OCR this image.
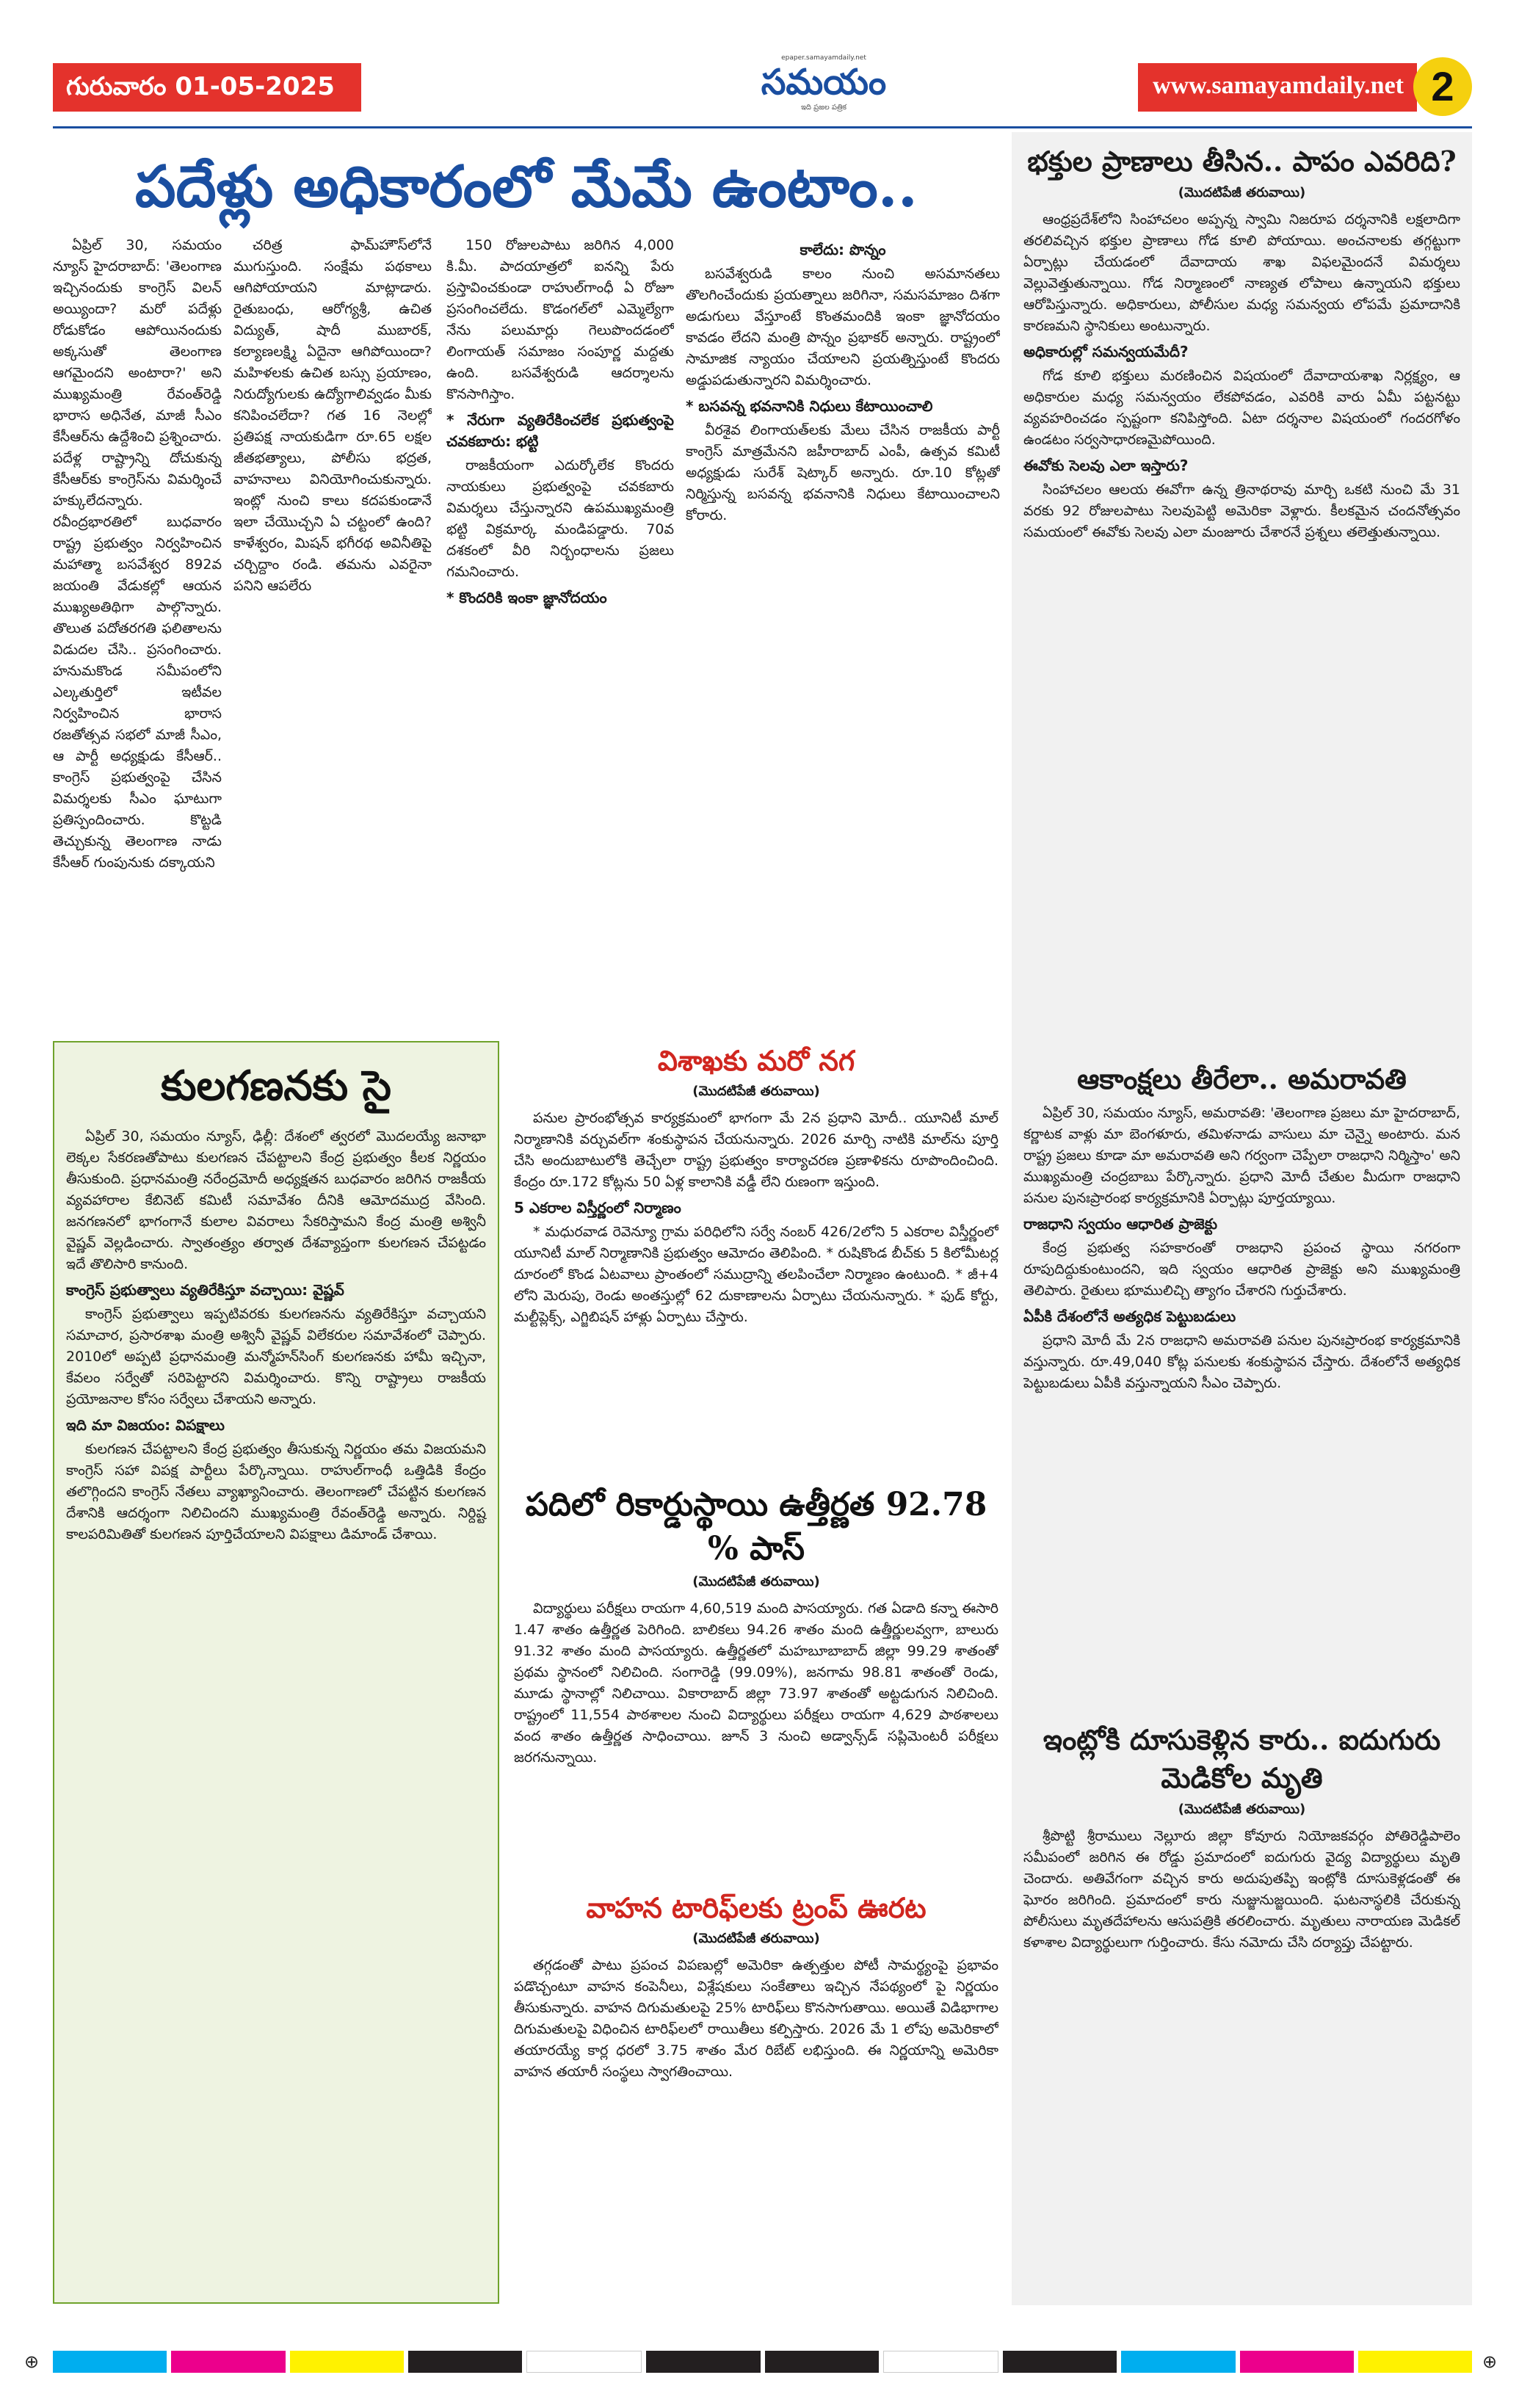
గురువారం 01-05-2025
epaper.samayamdaily.net
సమయం
ఇది ప్రజల పత్రిక
www.samayamdaily.net 2
పదేళ్లు అధికారంలో మేమే ఉంటాం..

ఏప్రిల్ 30, సమయం న్యూస్ హైదరాబాద్: 'తెలంగాణ ఇచ్చినందుకు కాంగ్రెస్ విలన్ అయ్యిందా? మరో పదేళ్లు రోడుకోడం ఆపోయినందుకు అక్కసుతో తెలంగాణ ఆగమైందని అంటారా?' అని ముఖ్యమంత్రి రేవంత్‌రెడ్డి భారాస అధినేత, మాజీ సీఎం కేసీఆర్‌ను ఉద్దేశించి ప్రశ్నించారు. పదేళ్ల రాష్ట్రాన్ని దోచుకున్న కేసీఆర్‌కు కాంగ్రెస్‌ను విమర్శించే హక్కులేదన్నారు. రవీంద్రభారతిలో బుధవారం రాష్ట్ర ప్రభుత్వం నిర్వహించిన మహాత్మా బసవేశ్వర 892వ జయంతి వేడుకల్లో ఆయన ముఖ్యఅతిథిగా పాల్గొన్నారు. తొలుత పదోతరగతి ఫలితాలను విడుదల చేసి.. ప్రసంగించారు. హనుమకొండ సమీపంలోని ఎల్కతుర్తిలో ఇటీవల నిర్వహించిన భారాస రజతోత్సవ సభలో మాజీ సీఎం, ఆ పార్టీ అధ్యక్షుడు కేసీఆర్.. కాంగ్రెస్ ప్రభుత్వంపై చేసిన విమర్శలకు సీఎం ఘాటుగా ప్రతిస్పందించారు. కొట్టడి తెచ్చుకున్న తెలంగాణ నాడు కేసీఆర్ గుంపునుకు దక్కాయని

చరిత్ర ఫామ్‌హౌస్‌లోనే ముగుస్తుంది. సంక్షేమ పథకాలు ఆగిపోయాయని మాట్లాడారు. రైతుబంధు, ఆరోగ్యశ్రీ, ఉచిత విద్యుత్, షాదీ ముబారక్, కల్యాణలక్ష్మి ఏదైనా ఆగిపోయిందా? మహిళలకు ఉచిత బస్సు ప్రయాణం, నిరుద్యోగులకు ఉద్యోగాలివ్వడం మీకు కనిపించలేదా? గత 16 నెలల్లో ప్రతిపక్ష నాయకుడిగా రూ.65 లక్షల జీతభత్యాలు, పోలీసు భద్రత, వాహనాలు వినియోగించుకున్నారు. ఇంట్లో నుంచి కాలు కదపకుండానే ఇలా చేయొచ్చని ఏ చట్టంలో ఉంది? కాళేశ్వరం, మిషన్ భగీరథ అవినీతిపై చర్చిద్దాం రండి. తమను ఎవరైనా పనిని ఆపలేరు

150 రోజులపాటు జరిగిన 4,000 కి.మీ. పాదయాత్రలో ఐనన్ని పేరు ప్రస్తావించకుండా రాహుల్‌గాంధీ ఏ రోజూ ప్రసంగించలేదు. కొడంగల్‌లో ఎమ్మెల్యేగా నేను పలుమార్లు గెలుపొందడంలో లింగాయత్ సమాజం సంపూర్ణ మద్దతు ఉంది. బసవేశ్వరుడి ఆదర్శాలను కొనసాగిస్తాం.

* నేరుగా వ్యతిరేకించలేక ప్రభుత్వంపై చవకబారు: భట్టి

రాజకీయంగా ఎదుర్కోలేక కొందరు నాయకులు ప్రభుత్వంపై చవకబారు విమర్శలు చేస్తున్నారని ఉపముఖ్యమంత్రి భట్టి విక్రమార్క మండిపడ్డారు. 70వ దశకంలో వీరి నిర్బంధాలను ప్రజలు గమనించారు.

* కొందరికి ఇంకా జ్ఞానోదయం
కాలేదు: పొన్నం

బసవేశ్వరుడి కాలం నుంచి అసమానతలు తొలగించేందుకు ప్రయత్నాలు జరిగినా, సమసమాజం దిశగా అడుగులు వేస్తూంటే కొంతమందికి ఇంకా జ్ఞానోదయం కావడం లేదని మంత్రి పొన్నం ప్రభాకర్ అన్నారు. రాష్ట్రంలో సామాజిక న్యాయం చేయాలని ప్రయత్నిస్తుంటే కొందరు అడ్డుపడుతున్నారని విమర్శించారు.

* బసవన్న భవనానికి నిధులు కేటాయించాలి

వీరశైవ లింగాయత్‌లకు మేలు చేసిన రాజకీయ పార్టీ కాంగ్రెస్ మాత్రమేనని జహీరాబాద్ ఎంపీ, ఉత్సవ కమిటీ అధ్యక్షుడు సురేశ్ షెట్కార్ అన్నారు. రూ.10 కోట్లతో నిర్మిస్తున్న బసవన్న భవనానికి నిధులు కేటాయించాలని కోరారు.

భక్తుల ప్రాణాలు తీసిన.. పాపం ఎవరిది?
(మొదటిపేజీ తరువాయి)

ఆంధ్రప్రదేశ్‌లోని సింహాచలం అప్పన్న స్వామి నిజరూప దర్శనానికి లక్షలాదిగా తరలివచ్చిన భక్తుల ప్రాణాలు గోడ కూలి పోయాయి. అంచనాలకు తగ్గట్టుగా ఏర్పాట్లు చేయడంలో దేవాదాయ శాఖ విఫలమైందనే విమర్శలు వెల్లువెత్తుతున్నాయి. గోడ నిర్మాణంలో నాణ్యత లోపాలు ఉన్నాయని భక్తులు ఆరోపిస్తున్నారు. అధికారులు, పోలీసుల మధ్య సమన్వయ లోపమే ప్రమాదానికి కారణమని స్థానికులు అంటున్నారు.

అధికారుల్లో సమన్వయమేదీ?

గోడ కూలి భక్తులు మరణించిన విషయంలో దేవాదాయశాఖ నిర్లక్ష్యం, ఆ అధికారుల మధ్య సమన్వయం లేకపోవడం, ఎవరికి వారు ఏమీ పట్టనట్టు వ్యవహరించడం స్పష్టంగా కనిపిస్తోంది. ఏటా దర్శనాల విషయంలో గందరగోళం ఉండటం సర్వసాధారణమైపోయింది.

ఈవోకు సెలవు ఎలా ఇస్తారు?

సింహాచలం ఆలయ ఈవోగా ఉన్న త్రినాథరావు మార్చి ఒకటి నుంచి మే 31 వరకు 92 రోజులపాటు సెలవుపెట్టి అమెరికా వెళ్లారు. కీలకమైన చందనోత్సవం సమయంలో ఈవోకు సెలవు ఎలా మంజూరు చేశారనే ప్రశ్నలు తలెత్తుతున్నాయి.

ఆకాంక్షలు తీరేలా.. అమరావతి

ఏప్రిల్ 30, సమయం న్యూస్, అమరావతి: 'తెలంగాణ ప్రజలు మా హైదరాబాద్, కర్ణాటక వాళ్లు మా బెంగళూరు, తమిళనాడు వాసులు మా చెన్నై అంటారు. మన రాష్ట్ర ప్రజలు కూడా మా అమరావతి అని గర్వంగా చెప్పేలా రాజధాని నిర్మిస్తాం' అని ముఖ్యమంత్రి చంద్రబాబు పేర్కొన్నారు. ప్రధాని మోదీ చేతుల మీదుగా రాజధాని పనుల పునఃప్రారంభ కార్యక్రమానికి ఏర్పాట్లు పూర్తయ్యాయి.

రాజధాని స్వయం ఆధారిత ప్రాజెక్టు

కేంద్ర ప్రభుత్వ సహకారంతో రాజధాని ప్రపంచ స్థాయి నగరంగా రూపుదిద్దుకుంటుందని, ఇది స్వయం ఆధారిత ప్రాజెక్టు అని ముఖ్యమంత్రి తెలిపారు. రైతులు భూములిచ్చి త్యాగం చేశారని గుర్తుచేశారు.

ఏపీకి దేశంలోనే అత్యధిక పెట్టుబడులు

ప్రధాని మోదీ మే 2న రాజధాని అమరావతి పనుల పునఃప్రారంభ కార్యక్రమానికి వస్తున్నారు. రూ.49,040 కోట్ల పనులకు శంకుస్థాపన చేస్తారు. దేశంలోనే అత్యధిక పెట్టుబడులు ఏపీకి వస్తున్నాయని సీఎం చెప్పారు.

ఇంట్లోకి దూసుకెళ్లిన కారు.. ఐదుగురు మెడికోల మృతి
(మొదటిపేజీ తరువాయి)

శ్రీపొట్టి శ్రీరాములు నెల్లూరు జిల్లా కోవూరు నియోజకవర్గం పోతిరెడ్డిపాలెం సమీపంలో జరిగిన ఈ రోడ్డు ప్రమాదంలో ఐదుగురు వైద్య విద్యార్థులు మృతి చెందారు. అతివేగంగా వచ్చిన కారు అదుపుతప్పి ఇంట్లోకి దూసుకెళ్లడంతో ఈ ఘోరం జరిగింది. ప్రమాదంలో కారు నుజ్జునుజ్జయింది. ఘటనాస్థలికి చేరుకున్న పోలీసులు మృతదేహాలను ఆసుపత్రికి తరలించారు. మృతులు నారాయణ మెడికల్ కళాశాల విద్యార్థులుగా గుర్తించారు. కేసు నమోదు చేసి దర్యాప్తు చేపట్టారు.

కులగణనకు సై

ఏప్రిల్ 30, సమయం న్యూస్, ఢిల్లీ: దేశంలో త్వరలో మొదలయ్యే జనాభా లెక్కల సేకరణతోపాటు కులగణన చేపట్టాలని కేంద్ర ప్రభుత్వం కీలక నిర్ణయం తీసుకుంది. ప్రధానమంత్రి నరేంద్రమోదీ అధ్యక్షతన బుధవారం జరిగిన రాజకీయ వ్యవహారాల కేబినెట్ కమిటీ సమావేశం దీనికి ఆమోదముద్ర వేసింది. జనగణనలో భాగంగానే కులాల వివరాలు సేకరిస్తామని కేంద్ర మంత్రి అశ్వినీ వైష్ణవ్ వెల్లడించారు. స్వాతంత్ర్యం తర్వాత దేశవ్యాప్తంగా కులగణన చేపట్టడం ఇదే తొలిసారి కానుంది.

కాంగ్రెస్ ప్రభుత్వాలు వ్యతిరేకిస్తూ వచ్చాయి: వైష్ణవ్

కాంగ్రెస్ ప్రభుత్వాలు ఇప్పటివరకు కులగణనను వ్యతిరేకిస్తూ వచ్చాయని సమాచార, ప్రసారశాఖ మంత్రి అశ్వినీ వైష్ణవ్ విలేకరుల సమావేశంలో చెప్పారు. 2010లో అప్పటి ప్రధానమంత్రి మన్మోహన్‌సింగ్ కులగణనకు హామీ ఇచ్చినా, కేవలం సర్వేతో సరిపెట్టారని విమర్శించారు. కొన్ని రాష్ట్రాలు రాజకీయ ప్రయోజనాల కోసం సర్వేలు చేశాయని అన్నారు.

ఇది మా విజయం: విపక్షాలు

కులగణన చేపట్టాలని కేంద్ర ప్రభుత్వం తీసుకున్న నిర్ణయం తమ విజయమని కాంగ్రెస్ సహా విపక్ష పార్టీలు పేర్కొన్నాయి. రాహుల్‌గాంధీ ఒత్తిడికి కేంద్రం తలొగ్గిందని కాంగ్రెస్ నేతలు వ్యాఖ్యానించారు. తెలంగాణలో చేపట్టిన కులగణన దేశానికి ఆదర్శంగా నిలిచిందని ముఖ్యమంత్రి రేవంత్‌రెడ్డి అన్నారు. నిర్దిష్ట కాలపరిమితితో కులగణన పూర్తిచేయాలని విపక్షాలు డిమాండ్ చేశాయి.

విశాఖకు మరో నగ
(మొదటిపేజీ తరువాయి)

పనుల ప్రారంభోత్సవ కార్యక్రమంలో భాగంగా మే 2న ప్రధాని మోదీ.. యూనిటీ మాల్ నిర్మాణానికి వర్చువల్‌గా శంకుస్థాపన చేయనున్నారు. 2026 మార్చి నాటికి మాల్‌ను పూర్తి చేసి అందుబాటులోకి తెచ్చేలా రాష్ట్ర ప్రభుత్వం కార్యాచరణ ప్రణాళికను రూపొందించింది. కేంద్రం రూ.172 కోట్లను 50 ఏళ్ల కాలానికి వడ్డీ లేని రుణంగా ఇస్తుంది.

5 ఎకరాల విస్తీర్ణంలో నిర్మాణం

* మధురవాడ రెవెన్యూ గ్రామ పరిధిలోని సర్వే నంబర్ 426/2లోని 5 ఎకరాల విస్తీర్ణంలో యూనిటీ మాల్ నిర్మాణానికి ప్రభుత్వం ఆమోదం తెలిపింది. * రుషికొండ బీచ్‌కు 5 కిలోమీటర్ల దూరంలో కొండ ఏటవాలు ప్రాంతంలో సముద్రాన్ని తలపించేలా నిర్మాణం ఉంటుంది. * జీ+4 లోని మెరుపు, రెండు అంతస్తుల్లో 62 దుకాణాలను ఏర్పాటు చేయనున్నారు. * ఫుడ్ కోర్టు, మల్టీప్లెక్స్, ఎగ్జిబిషన్ హాళ్లు ఏర్పాటు చేస్తారు.

పదిలో రికార్డుస్థాయి ఉత్తీర్ణత 92.78 % పాస్
(మొదటిపేజీ తరువాయి)

విద్యార్థులు పరీక్షలు రాయగా 4,60,519 మంది పాసయ్యారు. గత ఏడాది కన్నా ఈసారి 1.47 శాతం ఉత్తీర్ణత పెరిగింది. బాలికలు 94.26 శాతం మంది ఉత్తీర్ణులవ్వగా, బాలురు 91.32 శాతం మంది పాసయ్యారు. ఉత్తీర్ణతలో మహబూబాబాద్ జిల్లా 99.29 శాతంతో ప్రథమ స్థానంలో నిలిచింది. సంగారెడ్డి (99.09%), జనగామ 98.81 శాతంతో రెండు, మూడు స్థానాల్లో నిలిచాయి. వికారాబాద్ జిల్లా 73.97 శాతంతో అట్టడుగున నిలిచింది. రాష్ట్రంలో 11,554 పాఠశాలల నుంచి విద్యార్థులు పరీక్షలు రాయగా 4,629 పాఠశాలలు వంద శాతం ఉత్తీర్ణత సాధించాయి. జూన్ 3 నుంచి అడ్వాన్స్‌డ్ సప్లిమెంటరీ పరీక్షలు జరగనున్నాయి.

వాహన టారిఫ్‌లకు ట్రంప్ ఊరట
(మొదటిపేజీ తరువాయి)

తగ్గడంతో పాటు ప్రపంచ విపణుల్లో అమెరికా ఉత్పత్తుల పోటీ సామర్థ్యంపై ప్రభావం పడొచ్చంటూ వాహన కంపెనీలు, విశ్లేషకులు సంకేతాలు ఇచ్చిన నేపథ్యంలో పై నిర్ణయం తీసుకున్నారు. వాహన దిగుమతులపై 25% టారిఫ్‌లు కొనసాగుతాయి. అయితే విడిభాగాల దిగుమతులపై విధించిన టారిఫ్‌లలో రాయితీలు కల్పిస్తారు. 2026 మే 1 లోపు అమెరికాలో తయారయ్యే కార్ల ధరలో 3.75 శాతం మేర రిబేట్ లభిస్తుంది. ఈ నిర్ణయాన్ని అమెరికా వాహన తయారీ సంస్థలు స్వాగతించాయి.

⊕	⊕
